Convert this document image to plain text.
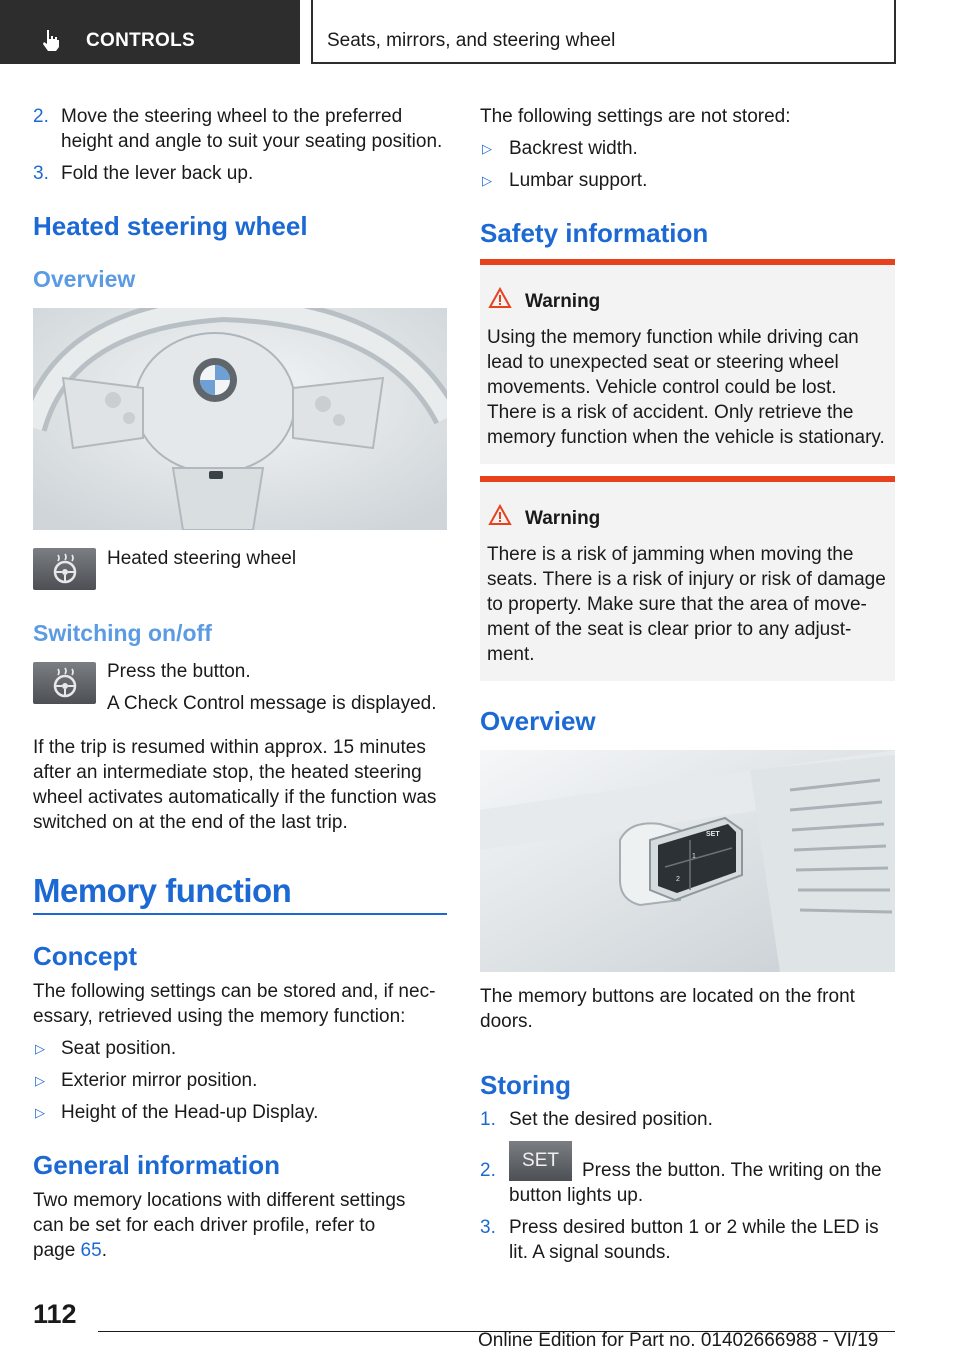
CONTROLS	Seats, mirrors, and steering wheel
2. Move the steering wheel to the preferred
height and angle to suit your seating position.
3. Fold the lever back up.
Heated steering wheel
Overview
Heated steering wheel
Switching on/off
Press the button.
A Check Control message is displayed.
If the trip is resumed within approx. 15 minutes
after an intermediate stop, the heated steering
wheel activates automatically if the function was
switched on at the end of the last trip.
Memory function
Concept
The following settings can be stored and, if nec-
essary, retrieved using the memory function:
▷ Seat position.
▷ Exterior mirror position.
▷ Height of the Head-up Display.
General information
Two memory locations with different settings
can be set for each driver profile, refer to
page 65.
The following settings are not stored:
▷ Backrest width.
▷ Lumbar support.
Safety information
Warning
Using the memory function while driving can
lead to unexpected seat or steering wheel
movements. Vehicle control could be lost.
There is a risk of accident. Only retrieve the
memory function when the vehicle is stationary.
Warning
There is a risk of jamming when moving the
seats. There is a risk of injury or risk of damage
to property. Make sure that the area of move-
ment of the seat is clear prior to any adjust-
ment.
Overview
SET
1
2
The memory buttons are located on the front
doors.
Storing
1. Set the desired position.
2. SET Press the button. The writing on the
button lights up.
3. Press desired button 1 or 2 while the LED is
lit. A signal sounds.
112
Online Edition for Part no. 01402666988 - VI/19
